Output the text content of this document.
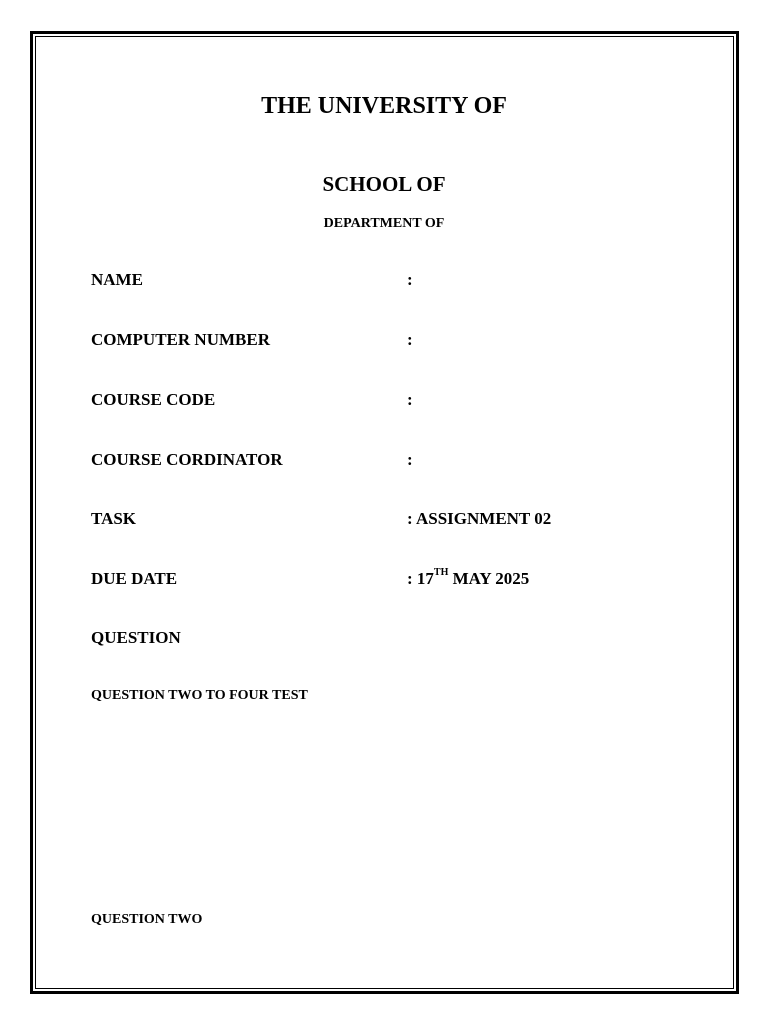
THE UNIVERSITY OF
SCHOOL OF
DEPARTMENT OF
NAME	:
COMPUTER NUMBER	:
COURSE CODE	:
COURSE CORDINATOR	:
TASK	: ASSIGNMENT 02
DUE DATE	: 17TH MAY 2025

QUESTION

QUESTION TWO TO FOUR TEST

QUESTION TWO
